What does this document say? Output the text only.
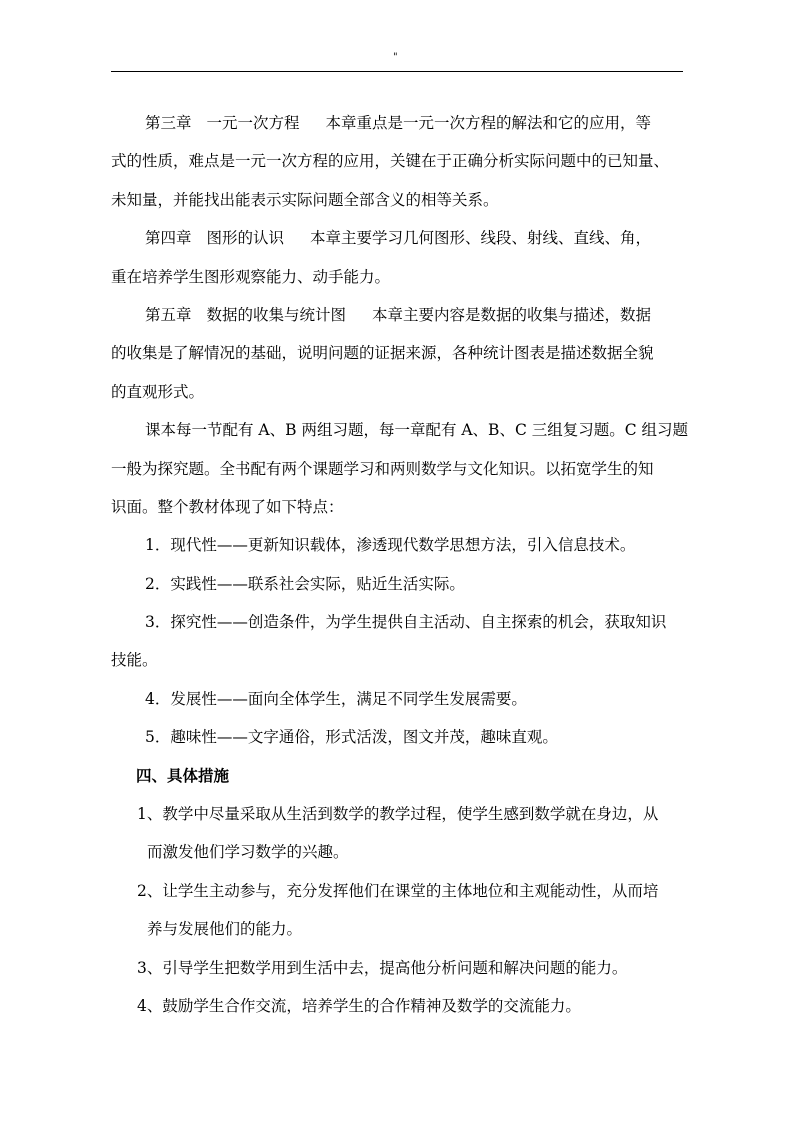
"
第三章 一元一次方程 本章重点是一元一次方程的解法和它的应用，等
式的性质，难点是一元一次方程的应用，关键在于正确分析实际问题中的已知量、
未知量，并能找出能表示实际问题全部含义的相等关系。
第四章 图形的认识 本章主要学习几何图形、线段、射线、直线、角，
重在培养学生图形观察能力、动手能力。
第五章 数据的收集与统计图 本章主要内容是数据的收集与描述，数据
的收集是了解情况的基础，说明问题的证据来源，各种统计图表是描述数据全貌
的直观形式。
课本每一节配有 A、B 两组习题，每一章配有 A、B、C 三组复习题。C 组习题
一般为探究题。全书配有两个课题学习和两则数学与文化知识。以拓宽学生的知
识面。整个教材体现了如下特点：
1．现代性——更新知识载体，渗透现代数学思想方法，引入信息技术。
2．实践性——联系社会实际，贴近生活实际。
3．探究性——创造条件，为学生提供自主活动、自主探索的机会，获取知识
技能。
4．发展性——面向全体学生，满足不同学生发展需要。
5．趣味性——文字通俗，形式活泼，图文并茂，趣味直观。
四、具体措施
1、教学中尽量采取从生活到数学的教学过程，使学生感到数学就在身边，从
而激发他们学习数学的兴趣。
2、让学生主动参与，充分发挥他们在课堂的主体地位和主观能动性，从而培
养与发展他们的能力。
3、引导学生把数学用到生活中去，提高他分析问题和解决问题的能力。
4、鼓励学生合作交流，培养学生的合作精神及数学的交流能力。
